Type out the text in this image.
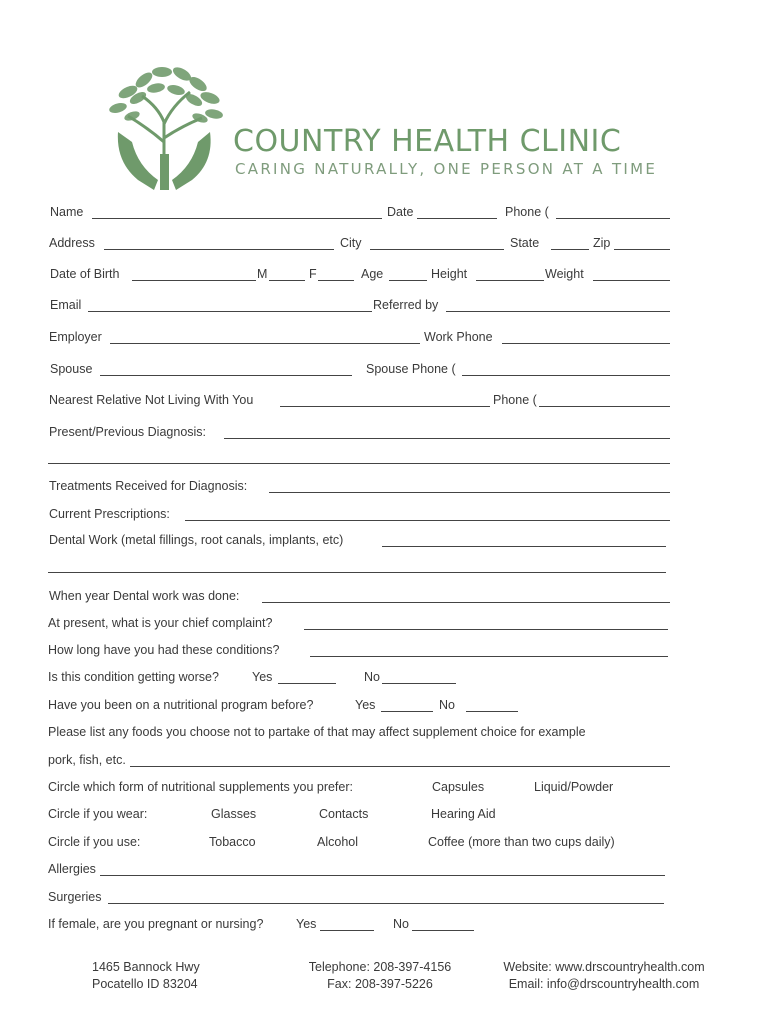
COUNTRY HEALTH CLINIC
CARING NATURALLY, ONE PERSON AT A TIME
Name	Date	Phone (
Address	City	State	Zip
Date of Birth	M	F	Age	Height	Weight
Email	Referred by
Employer	Work Phone
Spouse	Spouse Phone (
Nearest Relative Not Living With You	Phone (
Present/Previous Diagnosis:
Treatments Received for Diagnosis:
Current Prescriptions:
Dental Work (metal fillings, root canals, implants, etc)
When year Dental work was done:
At present, what is your chief complaint?
How long have you had these conditions?
Is this condition getting worse?	Yes	No
Have you been on a nutritional program before?	Yes	No
Please list any foods you choose not to partake of that may affect supplement choice for example
pork, fish, etc.
Circle which form of nutritional supplements you prefer:	Capsules	Liquid/Powder
Circle if you wear:	Glasses	Contacts	Hearing Aid
Circle if you use:	Tobacco	Alcohol	Coffee (more than two cups daily)
Allergies
Surgeries
If female, are you pregnant or nursing?	Yes	No
1465 Bannock Hwy
Pocatello ID 83204
Telephone: 208-397-4156
Fax: 208-397-5226
Website: www.drscountryhealth.com
Email: info@drscountryhealth.com
